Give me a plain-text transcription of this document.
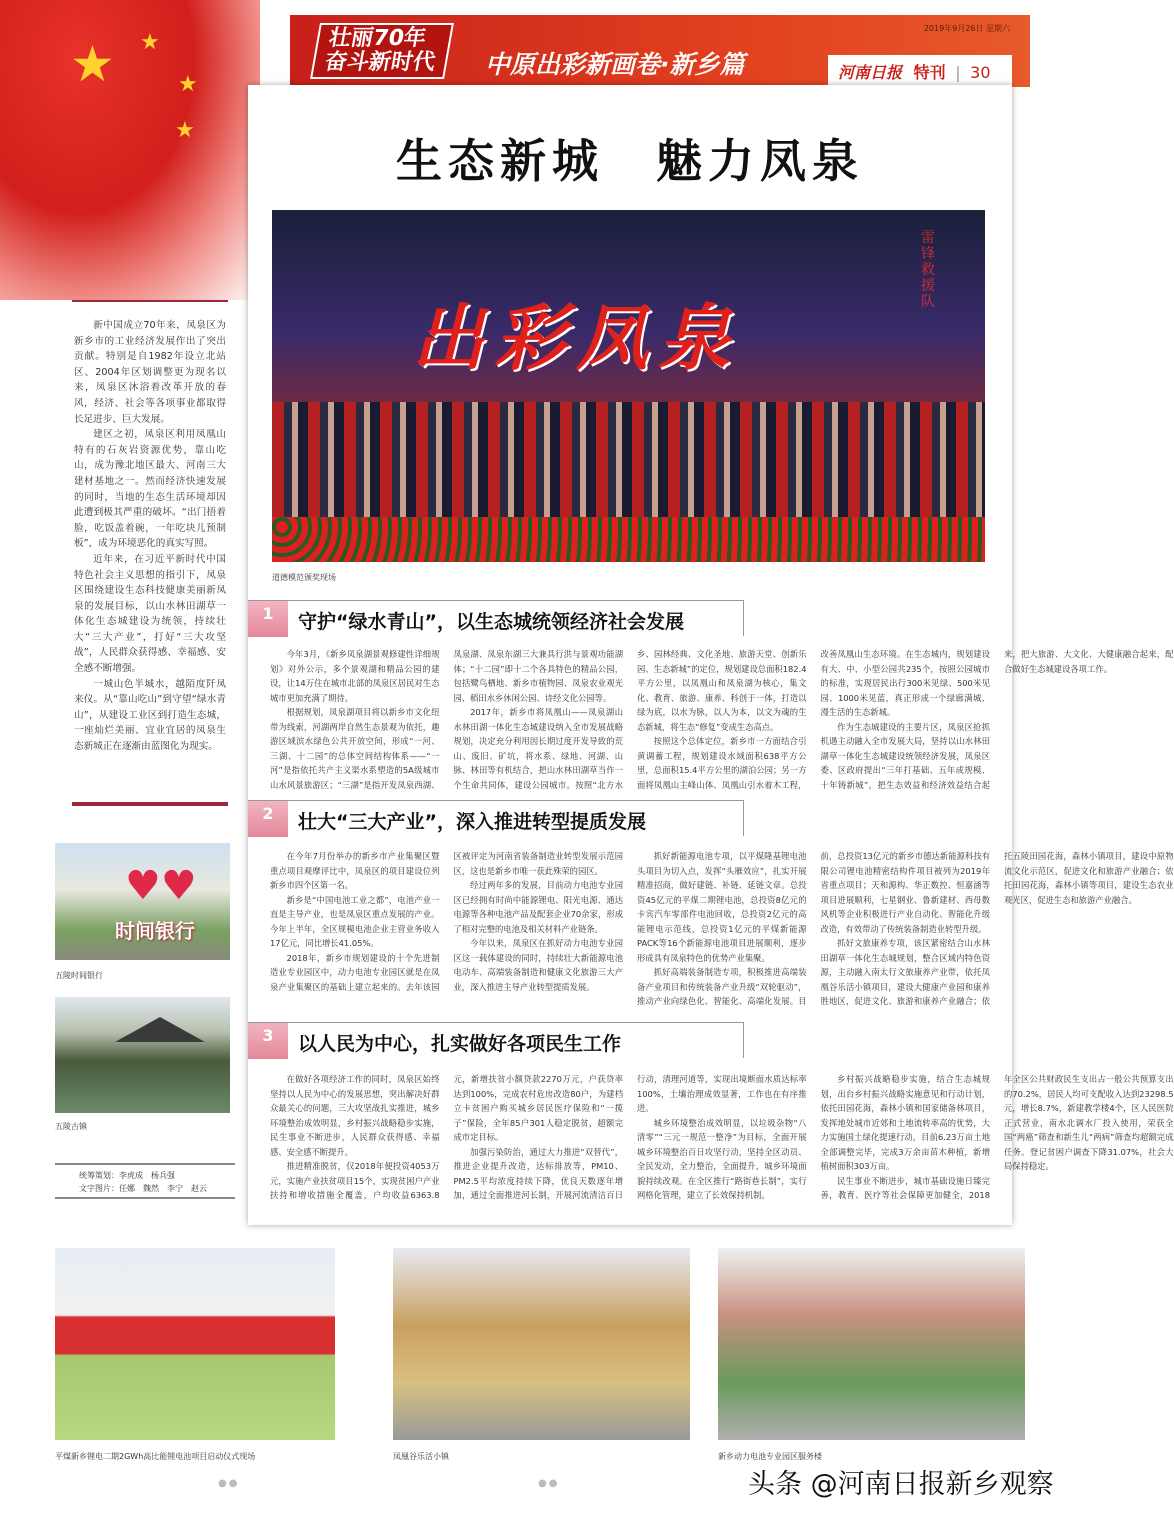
★ ★
★
★
壮丽70年
奋斗新时代 中原出彩新画卷·新乡篇
2019年9月26日 星期六
河南日报 特刊 | 30
生态新城　魅力凤泉
出彩凤泉
雷锋救援队
道德模范颁奖现场
1	守护“绿水青山”，以生态城统领经济社会发展

今年3月，《新乡凤泉湖景观修建性详细规划》对外公示，多个景观湖和精品公园的建设，让14万住在城市北部的凤泉区居民对生态城市更加充满了期待。

根据规划，凤泉湖项目将以新乡市文化纽带为线索，河湖两岸自然生态景观为依托，趣游区域滨水绿色公共开放空间，形成“一河、三湖、十二园”的总体空间结构体系——“一河”是指依托共产主义渠水系塑造的5A级城市山水风景旅游区；“三湖”是指开发凤泉西湖、凤泉湖、凤泉东湖三大兼具行洪与景观功能湖体；“十二园”即十二个各具特色的精品公园，包括鹭鸟栖地、新乡市植物园、凤泉农业观光园、稻田水乡休闲公园、诗经文化公园等。

2017年，新乡市将凤凰山——凤泉湖山水林田湖一体化生态城建设纳入全市发展战略规划，决定充分利用因长期过度开发导致的荒山、废旧、矿坑，将水系、绿地、河湖、山脉、林田等有机结合，把山水林田湖草当作一个生命共同体，建设公园城市。按照“北方水乡、园林经典、文化圣地、旅游天堂、创新乐园、生态新城”的定位，规划建设总面积182.4平方公里，以凤凰山和凤泉湖为核心，集文化、教育、旅游、康养、科创于一体，打造以绿为底，以水为脉，以人为本，以文为魂的生态新城，将生态“修复”变成生态高点。

按照这个总体定位，新乡市一方面结合引黄调蓄工程，规划建设水域面积638平方公里，总面积15.4平方公里的湖泊公园；另一方面将凤凰山主峰山体、凤凰山引水着木工程，改善凤凰山生态环境。在生态城内，规划建设有大、中、小型公园共235个，按照公园城市的标准，实现居民出行300米见绿、500米见园、1000米见蓝，真正形成一个绿廊满城、漫生活的生态新城。

作为生态城建设的主要片区，凤泉区抢抓机遇主动融入全市发展大局，坚持以山水林田湖草一体化生态城建设统领经济发展，凤泉区委、区政府提出“三年打基础、五年成规模、十年铸新城”，把生态效益和经济效益结合起来，把大旅游、大文化、大健康融合起来，配合做好生态城建设各项工作。

2	壮大“三大产业”，深入推进转型提质发展

在今年7月份举办的新乡市产业集聚区暨重点项目观摩评比中，凤泉区的项目建设位列新乡市四个区第一名。

新乡是“中国电池工业之都”，电池产业一直是主导产业，也是凤泉区重点发展的产业。今年上半年，全区规模电池企业主营业务收入17亿元，同比增长41.05%。

2018年，新乡市规划建设的十个先进制造业专业园区中，动力电池专业园区就是在凤泉产业集聚区的基础上建立起来的。去年该园区被评定为河南省装备制造业转型发展示范园区，这也是新乡市唯一获此殊荣的园区。

经过两年多的发展，目前动力电池专业园区已经拥有时尚中能源锂电、阳光电源、通达电源等各种电池产品及配套企业70余家，形成了相对完整的电池及相关材料产业链条。

今年以来，凤泉区在抓好动力电池专业园区这一载体建设的同时，持续壮大新能源电池电动车、高端装备制造和健康文化旅游三大产业，深入推进主导产业转型提质发展。

抓好新能源电池专项，以平煤隆基锂电池头项目为切入点，发挥“头雁效应”，扎实开展精准招商，做好建链、补链、延链文章。总投资45亿元的平煤二期锂电池，总投资8亿元的卡宾汽车零部件电池回收，总投资2亿元的高能锂电示范线，总投资1亿元的平煤新能源PACK等16个新能源电池项目进展顺利，逐步形成具有凤泉特色的优势产业集聚。

抓好高端装备制造专项，积极推进高端装备产业项目和传统装备产业升级“双轮驱动”，推动产业向绿色化、智能化、高端化发展。目前，总投资13亿元的新乡市德达新能源科技有限公司锂电池精密结构件项目被列为2019年省重点项目；天和源构、华正数控、恒嘉涵等项目进展顺利，七星钢业、鲁新建材、西母数风机等企业积极进行产业自动化、智能化升级改造，有效带动了传统装备制造业转型升级。

抓好文旅康养专项，该区紧密结合山水林田湖草一体化生态城规划，整合区域内特色资源，主动融入南太行文旅康养产业带，依托凤凰谷乐活小镇项目，建设大健康产业园和康养胜地区，促进文化、旅游和康养产业融合；依托五陵田园花海，森林小镇项目，建设中原物流文化示范区，促进文化和旅游产业融合；依托田园花海，森林小镇等项目，建设生态农业观光区，促进生态和旅游产业融合。

3	以人民为中心，扎实做好各项民生工作

在做好各项经济工作的同时，凤泉区始终坚持以人民为中心的发展思想，突出解决好群众最关心的问题，三大攻坚战扎实推进，城乡环境整治成效明显，乡村振兴战略稳步实施，民生事业不断进步，人民群众获得感、幸福感、安全感不断提升。

推进精准脱贫，仅2018年便投资4053万元，实施产业扶贫项目15个，实现贫困户产业扶持和增收措施全覆盖，户均收益6363.8元，新增扶贫小额贷款2270万元，户获贷率达到100%，完成农村危房改造80户，为建档立卡贫困户购买城乡居民医疗保险和“一揽子”保险，全年85户301人稳定脱贫，超额完成市定目标。

加强污染防治，通过大力推进“双替代”，推进企业提升改造，达标排放等，PM10、PM2.5平均浓度持续下降，优良天数逐年增加，通过全面推进河长制，开展河流清洁百日行动，清理河道等，实现出境断面水质达标率100%，土壤治理成效显著，工作也在有序推进。

城乡环境整治成效明显，以垃圾杂物“八清零”“三元一规范一整净”为目标，全面开展城乡环境整治百日攻坚行动，坚持全区动员、全民发动，全力整治，全面提升，城乡环境面貌持续改观。在全区推行“路街巷长制”，实行网格化管理，建立了长效保持机制。

乡村振兴战略稳步实施，结合生态城规划，出台乡村振兴战略实施意见和行动计划，依托田园花海，森林小镇和国家储备林项目，发挥地处城市近郊和土地流转率高的优势，大力实施国土绿化提速行动，目前6.23万亩土地全部调整完毕，完成3万余亩苗木种植，新增植树面积303万亩。

民生事业不断进步，城市基础设施日臻完善，教育、医疗等社会保障更加健全，2018年全区公共财政民生支出占一般公共预算支出的70.2%，居民人均可支配收入达到23298.5元，增长8.7%，新建教学楼4个，区人民医院正式营业，南水北调水厂投入使用，荣获全国“两癌”筛查和新生儿“两病”筛查均超额完成任务。登记贫困户调查下降31.07%，社会大局保持稳定。

新中国成立70年来，凤泉区为新乡市的工业经济发展作出了突出贡献。特别是自1982年设立北站区、2004年区划调整更为现名以来，凤泉区沐浴着改革开放的春风，经济、社会等各项事业都取得长足进步、巨大发展。

建区之初，凤泉区利用凤凰山特有的石灰岩资源优势，靠山吃山，成为豫北地区最大、河南三大建材基地之一。然而经济快速发展的同时，当地的生态生活环境却因此遭到极其严重的破坏。“出门捂着脸，吃饭盖着碗，一年吃块儿预制板”，成为环境恶化的真实写照。

近年来，在习近平新时代中国特色社会主义思想的指引下，凤泉区围绕建设生态科技健康美丽新凤泉的发展目标，以山水林田湖草一体化生态城建设为统领，持续壮大“三大产业”，打好“三大攻坚战”，人民群众获得感、幸福感、安全感不断增强。

一城山色半城水，越陌度阡凤来仪。从“靠山吃山”到守望“绿水青山”，从建设工业区到打造生态城，一座灿烂美丽、宜业宜居的凤泉生态新城正在逐渐由蓝图化为现实。

♥♥
时间银行
五陵时间银行
五陵古镇
统筹策划：李虎成　杨兵强
文字图片：任娜　魏然　李宁　赵云
平煤新乡锂电二期2GWh高比能锂电池项目启动仪式现场	凤凰谷乐活小镇	新乡动力电池专业园区服务楼
●●	●●	头条 @河南日报新乡观察
